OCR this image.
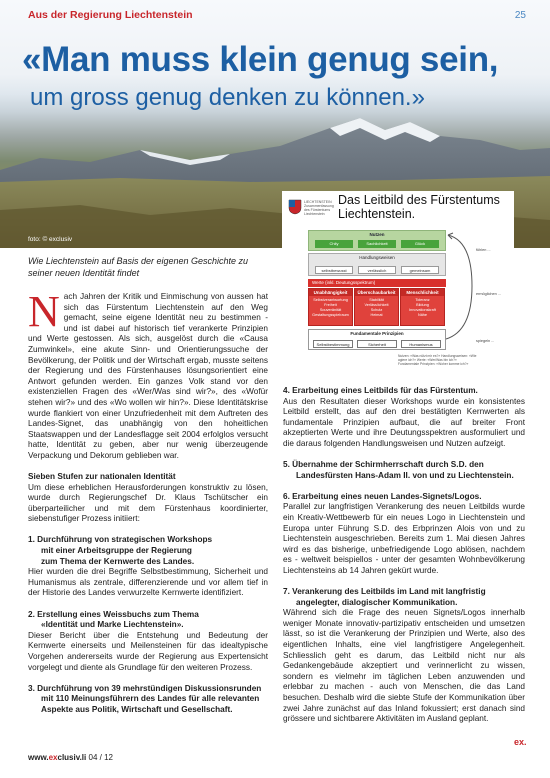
Aus der Regierung Liechtenstein	25
«Man muss klein genug sein,
um gross genug denken zu können.»
foto: © exclusiv
LIECHTENSTEIN Zusammenfassung des Fürstentums Liechtenstein
Das Leitbild des Fürstentums Liechtenstein.
Nutzen
Chily	Sachlichkeit	Glück
Handlungsweisen
selbstbewusst	verlässlich	gemeinsam
Werte (inkl. Deutungsspektrum)
Unabhängigkeit
Selbstverantwortung
Freiheit
Souveränität
Gestaltungsspielraum
Überschaubarkeit
Stabilität
Verlässlichkeit
Schutz
Heimat
Menschlichkeit
Toleranz
Bildung
Innovationskraft
Nähe
Fundamentale Prinzipien
Selbstbestimmung	Sicherheit	Humanismus
fühlen ...
ermöglichen ...
spiegeln ...
Nutzen: «Was nützt mir es?» Handlungsweisen: «Wie agiere ich?» Werte: «Wer/Was bin ich?» Fundamentale Prinzipien: «Woher komme ich?»
Wie Liechtenstein auf Basis der eigenen Geschichte zu seiner neuen Identität findet

N ach Jahren der Kritik und Einmischung von aussen hat sich das Fürstentum Liechtenstein auf den Weg gemacht, seine eigene Identität neu zu bestimmen - und ist dabei auf historisch tief verankerte Prinzipien und Werte gestossen. Als sich, ausgelöst durch die «Causa Zumwinkel», eine akute Sinn- und Orientierungssuche der Bevölkerung, der Politik und der Wirtschaft ergab, musste seitens der Regierung und des Fürstenhauses lösungsorientiert eine Antwort gefunden werden. Ein ganzes Volk stand vor den existenziellen Fragen des «Wer/Was sind wir?», des «Wofür stehen wir?» und des «Wo wollen wir hin?». Diese Identitätskrise wurde flankiert von einer Unzufriedenheit mit dem Auftreten des Landes-Signet, das unabhängig von den hoheitlichen Staatswappen und der Landesflagge seit 2004 erfolglos versucht hatte, Identität zu geben, aber nur wenig überzeugende Verpackung und Dekorum geblieben war.

Sieben Stufen zur nationalen Identität

Um diese erheblichen Herausforderungen konstruktiv zu lösen, wurde durch Regierungschef Dr. Klaus Tschütscher ein überparteilicher und mit dem Fürstenhaus koordinierter, siebenstufiger Prozess initiiert:

1. Durchführung von strategischen Workshops
mit einer Arbeitsgruppe der Regierung
zum Thema der Kernwerte des Landes.

Hier wurden die drei Begriffe Selbstbestimmung, Sicherheit und Humanismus als zentrale, differenzierende und vor allem tief in der Historie des Landes verwurzelte Kernwerte identifiziert.

2. Erstellung eines Weissbuchs zum Thema
«Identität und Marke Liechtenstein».

Dieser Bericht über die Entstehung und Bedeutung der Kernwerte einerseits und Meilensteinen für das idealtypische Vorgehen andererseits wurde der Regierung aus Expertensicht vorgelegt und diente als Grundlage für den weiteren Prozess.

3. Durchführung von 39 mehrstündigen Diskussionsrunden
mit 110 Meinungsführern des Landes für alle relevanten
Aspekte aus Politik, Wirtschaft und Gesellschaft.

4. Erarbeitung eines Leitbilds für das Fürstentum.

Aus den Resultaten dieser Workshops wurde ein konsistentes Leitbild erstellt, das auf den drei bestätigten Kernwerten als fundamentale Prinzipien aufbaut, die auf breiter Front akzeptierten Werte und ihre Deutungsspektren ausformuliert und die daraus folgenden Handlungsweisen und Nutzen aufzeigt.

5. Übernahme der Schirmherrschaft durch S.D. den
Landesfürsten Hans-Adam II. von und zu Liechtenstein.

6. Erarbeitung eines neuen Landes-Signets/Logos.

Parallel zur langfristigen Verankerung des neuen Leitbilds wurde ein Kreativ-Wettbewerb für ein neues Logo in Liechtenstein und Europa unter Führung S.D. des Erbprinzen Alois von und zu Liechtenstein ausgeschrieben. Bereits zum 1. Mai diesen Jahres wird es das bisherige, unbefriedigende Logo ablösen, nachdem es - weltweit beispiellos - unter der gesamten Wohnbevölkerung Liechtensteins ab 14 Jahren gekürt wurde.

7. Verankerung des Leitbilds im Land mit langfristig
angelegter, dialogischer Kommunikation.

Während sich die Frage des neuen Signets/Logos innerhalb weniger Monate innovativ-partizipativ entscheiden und umsetzen lässt, so ist die Verankerung der Prinzipien und Werte, also des eigentlichen Inhalts, eine viel langfristigere Angelegenheit. Schliesslich geht es darum, das Leitbild nicht nur als Gedankengebäude akzeptiert und verinnerlicht zu wissen, sondern es vielmehr im täglichen Leben anzuwenden und erlebbar zu machen - auch von Menschen, die das Land besuchen. Deshalb wird die siebte Stufe der Kommunikation über zwei Jahre zunächst auf das Inland fokussiert; erst danach sind grössere und sichtbarere Aktivitäten im Ausland geplant.

www.exclusiv.li 04 / 12
ex.
